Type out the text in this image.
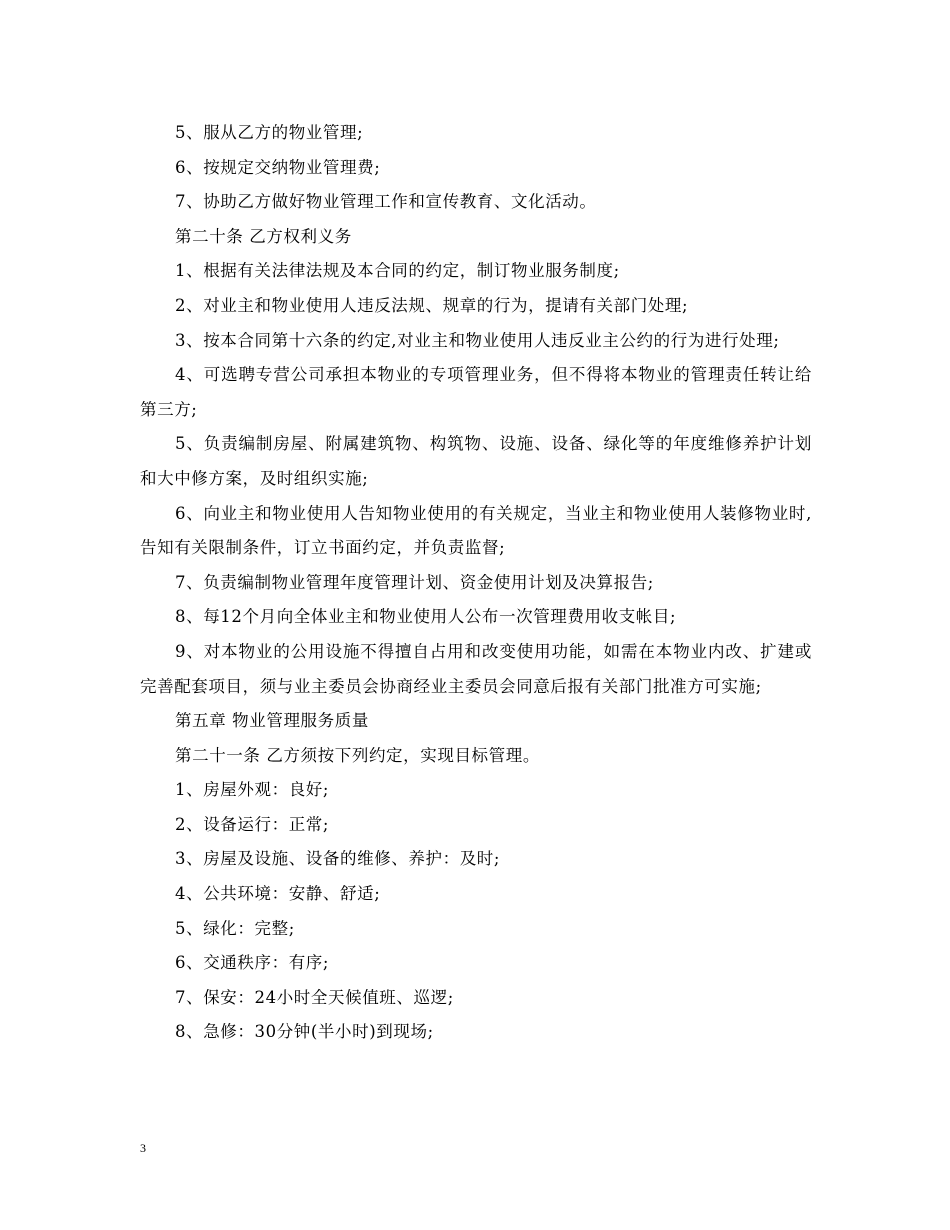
5、服从乙方的物业管理;

6、按规定交纳物业管理费;

7、协助乙方做好物业管理工作和宣传教育、文化活动。

第二十条 乙方权利义务

1、根据有关法律法规及本合同的约定，制订物业服务制度;

2、对业主和物业使用人违反法规、规章的行为，提请有关部门处理;

3、按本合同第十六条的约定,对业主和物业使用人违反业主公约的行为进行处理;

4、可选聘专营公司承担本物业的专项管理业务，但不得将本物业的管理责任转让给第三方;

5、负责编制房屋、附属建筑物、构筑物、设施、设备、绿化等的年度维修养护计划和大中修方案，及时组织实施;

6、向业主和物业使用人告知物业使用的有关规定，当业主和物业使用人装修物业时,告知有关限制条件，订立书面约定，并负责监督;

7、负责编制物业管理年度管理计划、资金使用计划及决算报告;

8、每12个月向全体业主和物业使用人公布一次管理费用收支帐目;

9、对本物业的公用设施不得擅自占用和改变使用功能，如需在本物业内改、扩建或完善配套项目，须与业主委员会协商经业主委员会同意后报有关部门批准方可实施;

第五章 物业管理服务质量

第二十一条 乙方须按下列约定，实现目标管理。

1、房屋外观：良好;

2、设备运行：正常;

3、房屋及设施、设备的维修、养护：及时;

4、公共环境：安静、舒适;

5、绿化：完整;

6、交通秩序：有序;

7、保安：24小时全天候值班、巡逻;

8、急修：30分钟(半小时)到现场;

3
